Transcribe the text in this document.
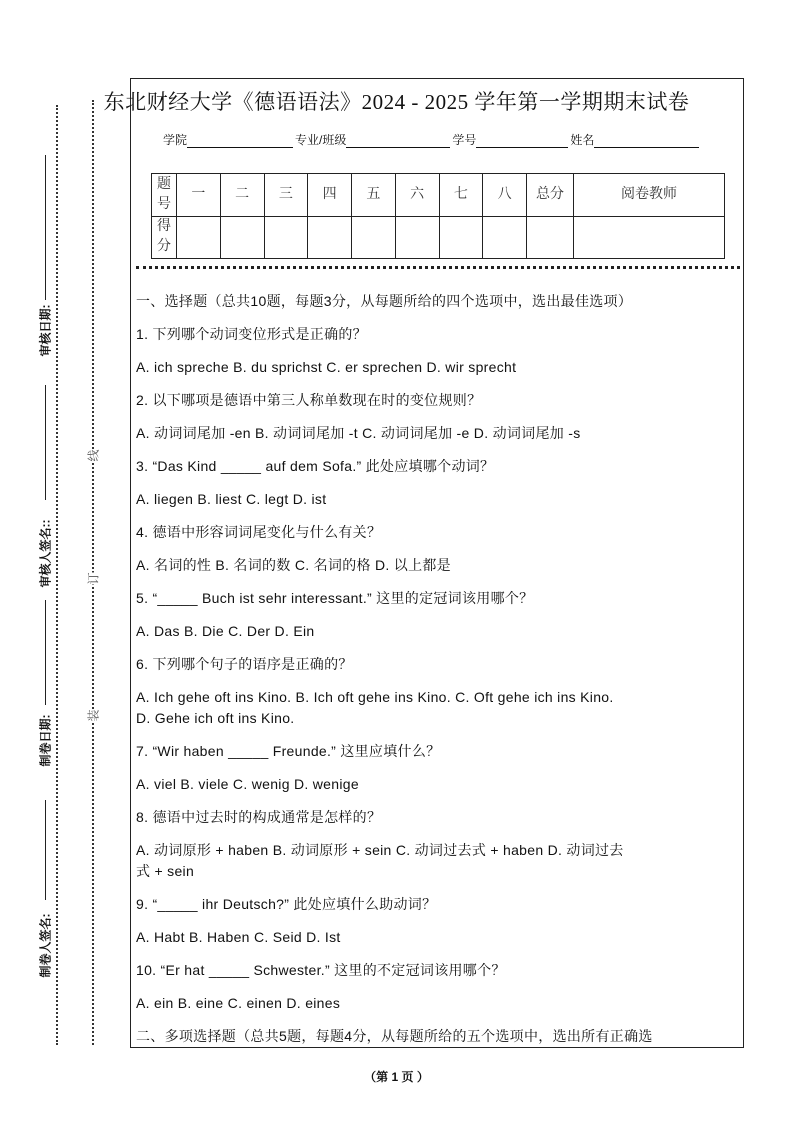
审核日期:
审核人签名::
制卷日期:
制卷人签名:
线
订
装
东北财经大学《德语语法》2024 - 2025 学年第一学期期末试卷
学院	专业/班级	学号	姓名
题号	一	二	三	四	五	六	七	八	总分	阅卷教师
得分										

一、选择题（总共10题，每题3分，从每题所给的四个选项中，选出最佳选项）

1. 下列哪个动词变位形式是正确的？

A. ich spreche B. du sprichst C. er sprechen D. wir sprecht

2. 以下哪项是德语中第三人称单数现在时的变位规则？

A. 动词词尾加 -en B. 动词词尾加 -t C. 动词词尾加 -e D. 动词词尾加 -s

3. “Das Kind _____ auf dem Sofa.” 此处应填哪个动词？

A. liegen B. liest C. legt D. ist

4. 德语中形容词词尾变化与什么有关？

A. 名词的性 B. 名词的数 C. 名词的格 D. 以上都是

5. “_____ Buch ist sehr interessant.” 这里的定冠词该用哪个？

A. Das B. Die C. Der D. Ein

6. 下列哪个句子的语序是正确的？

A. Ich gehe oft ins Kino. B. Ich oft gehe ins Kino. C. Oft gehe ich ins Kino.

D. Gehe ich oft ins Kino.

7. “Wir haben _____ Freunde.” 这里应填什么？

A. viel B. viele C. wenig D. wenige

8. 德语中过去时的构成通常是怎样的？

A. 动词原形 + haben B. 动词原形 + sein C. 动词过去式 + haben D. 动词过去

式 + sein

9. “_____ ihr Deutsch?” 此处应填什么助动词？

A. Habt B. Haben C. Seid D. Ist

10. “Er hat _____ Schwester.” 这里的不定冠词该用哪个？

A. ein B. eine C. einen D. eines

二、多项选择题（总共5题，每题4分，从每题所给的五个选项中，选出所有正确选

（第 1 页 ）
